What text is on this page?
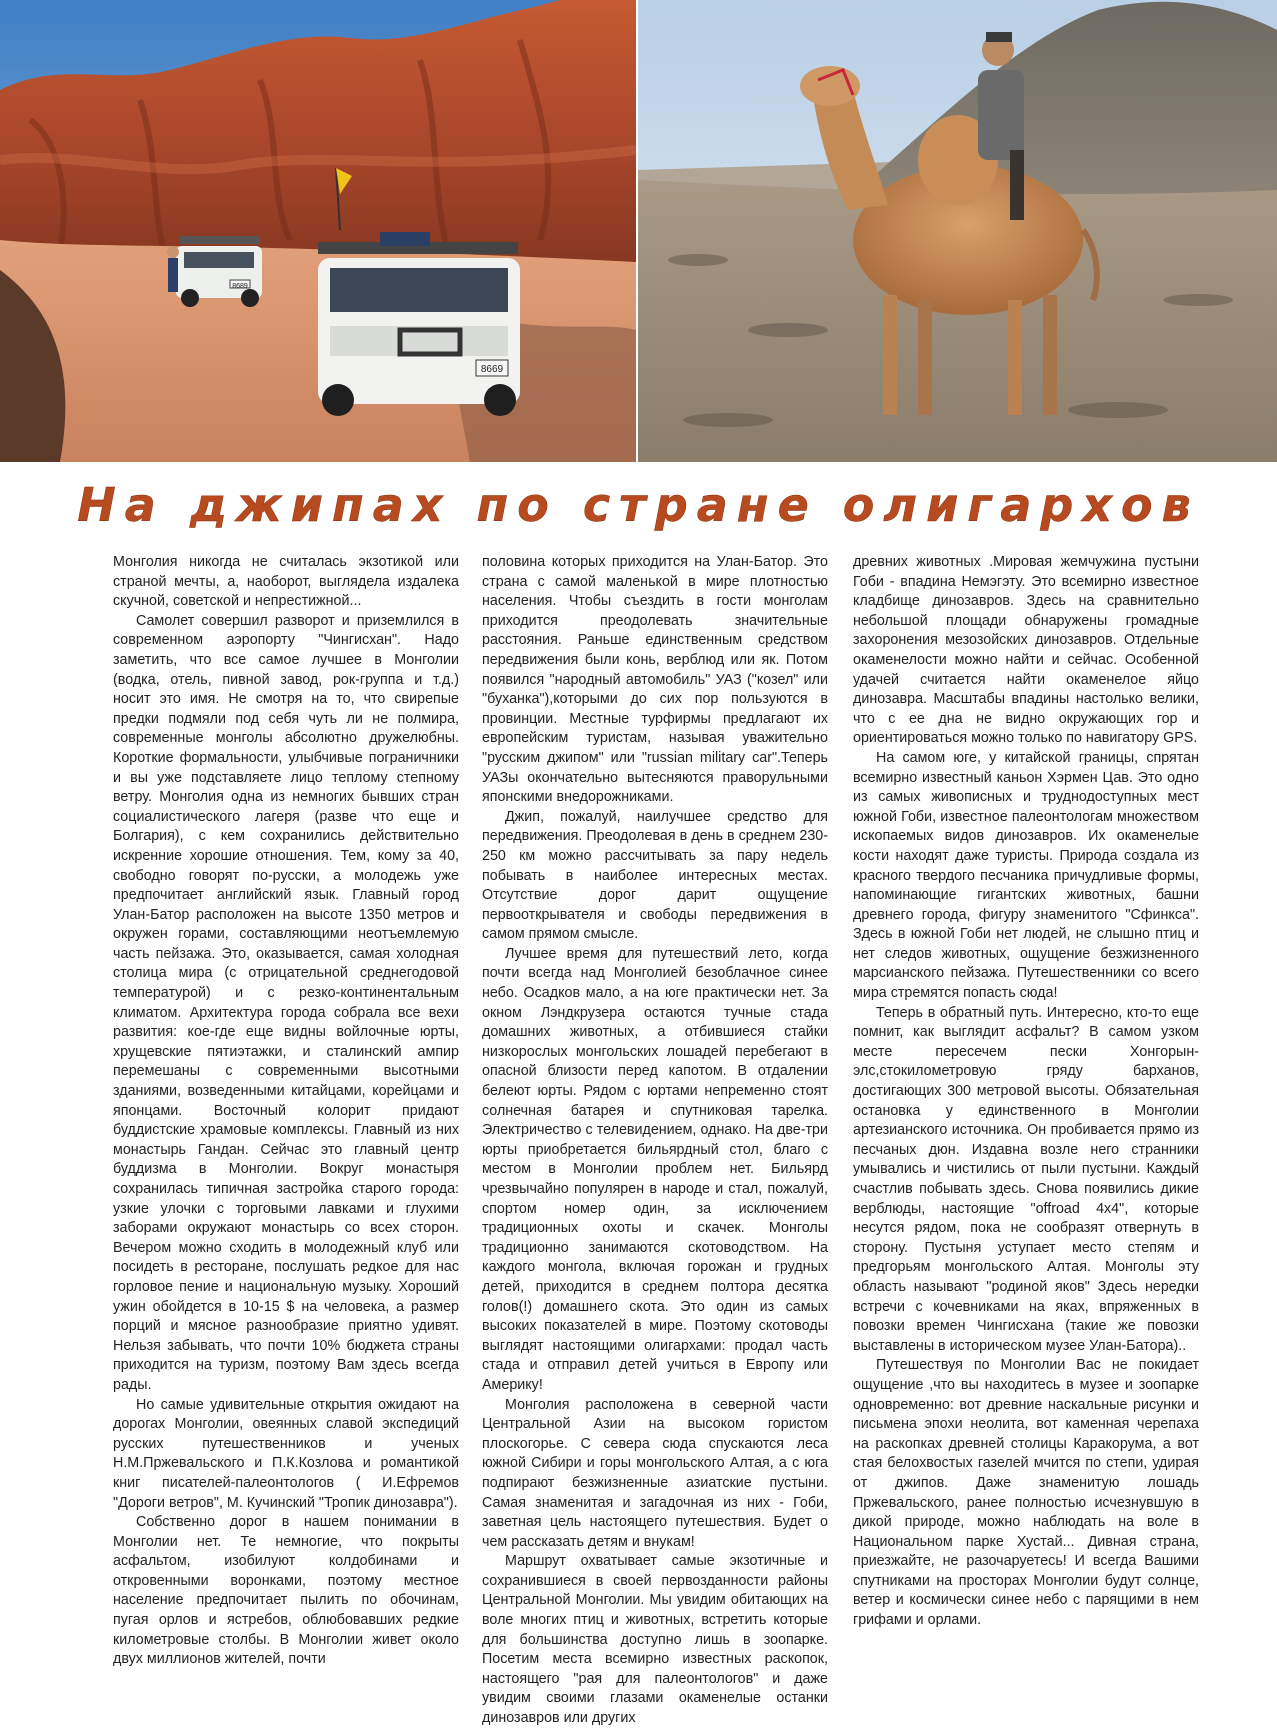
8669
8689
На джипах по стране олигархов

Монголия никогда не считалась экзотикой или страной мечты, а, наоборот, выглядела издалека скучной, советской и непрестижной...

Самолет совершил разворот и приземлился в современном аэропорту "Чингисхан". Надо заметить, что все самое лучшее в Монголии (водка, отель, пивной завод, рок-группа и т.д.) носит это имя. Не смотря на то, что свирепые предки подмяли под себя чуть ли не полмира, современные монголы абсолютно дружелюбны. Короткие формальности, улыбчивые пограничники и вы уже подставляете лицо теплому степному ветру. Монголия одна из немногих бывших стран социалистического лагеря (разве что еще и Болгария), с кем сохранились действительно искренние хорошие отношения. Тем, кому за 40, свободно говорят по-русски, а молодежь уже предпочитает английский язык. Главный город Улан-Батор расположен на высоте 1350 метров и окружен горами, составляющими неотъемлемую часть пейзажа. Это, оказывается, самая холодная столица мира (с отрицательной среднегодовой температурой) и с резко-континентальным климатом. Архитектура города собрала все вехи развития: кое-где еще видны войлочные юрты, хрущевские пятиэтажки, и сталинский ампир перемешаны с современными высотными зданиями, возведенными китайцами, корейцами и японцами. Восточный колорит придают буддистские храмовые комплексы. Главный из них монастырь Гандан. Сейчас это главный центр буддизма в Монголии. Вокруг монастыря сохранилась типичная застройка старого города: узкие улочки с торговыми лавками и глухими заборами окружают монастырь со всех сторон. Вечером можно сходить в молодежный клуб или посидеть в ресторане, послушать редкое для нас горловое пение и национальную музыку. Хороший ужин обойдется в 10-15 $ на человека, а размер порций и мясное разнообразие приятно удивят. Нельзя забывать, что почти 10% бюджета страны приходится на туризм, поэтому Вам здесь всегда рады.

Но самые удивительные открытия ожидают на дорогах Монголии, овеянных славой экспедиций русских путешественников и ученых Н.М.Пржевальского и П.К.Козлова и романтикой книг писателей-палеонтологов ( И.Ефремов "Дороги ветров", М. Кучинский "Тропик динозавра").

Собственно дорог в нашем понимании в Монголии нет. Те немногие, что покрыты асфальтом, изобилуют колдобинами и откровенными воронками, поэтому местное население предпочитает пылить по обочинам, пугая орлов и ястребов, облюбовавших редкие километровые столбы. В Монголии живет около двух миллионов жителей, почти

половина которых приходится на Улан-Батор. Это страна с самой маленькой в мире плотностью населения. Чтобы съездить в гости монголам приходится преодолевать значительные расстояния. Раньше единственным средством передвижения были конь, верблюд или як. Потом появился "народный автомобиль" УАЗ ("козел" или "буханка"),которыми до сих пор пользуются в провинции. Местные турфирмы предлагают их европейским туристам, называя уважительно "русским джипом" или "russian military car".Теперь УАЗы окончательно вытесняются праворульными японскими внедорожниками.

Джип, пожалуй, наилучшее средство для передвижения. Преодолевая в день в среднем 230-250 км можно рассчитывать за пару недель побывать в наиболее интересных местах. Отсутствие дорог дарит ощущение первооткрывателя и свободы передвижения в самом прямом смысле.

Лучшее время для путешествий лето, когда почти всегда над Монголией безоблачное синее небо. Осадков мало, а на юге практически нет. За окном Лэндкрузера остаются тучные стада домашних животных, а отбившиеся стайки низкорослых монгольских лошадей перебегают в опасной близости перед капотом. В отдалении белеют юрты. Рядом с юртами непременно стоят солнечная батарея и спутниковая тарелка. Электричество с телевидением, однако. На две-три юрты приобретается бильярдный стол, благо с местом в Монголии проблем нет. Бильярд чрезвычайно популярен в народе и стал, пожалуй, спортом номер один, за исключением традиционных охоты и скачек. Монголы традиционно занимаются скотоводством. На каждого монгола, включая горожан и грудных детей, приходится в среднем полтора десятка голов(!) домашнего скота. Это один из самых высоких показателей в мире. Поэтому скотоводы выглядят настоящими олигархами: продал часть стада и отправил детей учиться в Европу или Америку!

Монголия расположена в северной части Центральной Азии на высоком гористом плоскогорье. С севера сюда спускаются леса южной Сибири и горы монгольского Алтая, а с юга подпирают безжизненные азиатские пустыни. Самая знаменитая и загадочная из них - Гоби, заветная цель настоящего путешествия. Будет о чем рассказать детям и внукам!

Маршрут охватывает самые экзотичные и сохранившиеся в своей первозданности районы Центральной Монголии. Мы увидим обитающих на воле многих птиц и животных, встретить которые для большинства доступно лишь в зоопарке. Посетим места всемирно известных раскопок, настоящего "рая для палеонтологов" и даже увидим своими глазами окаменелые останки динозавров или других

древних животных .Мировая жемчужина пустыни Гоби - впадина Немэгэту. Это всемирно известное кладбище динозавров. Здесь на сравнительно небольшой площади обнаружены громадные захоронения мезозойских динозавров. Отдельные окаменелости можно найти и сейчас. Особенной удачей считается найти окаменелое яйцо динозавра. Масштабы впадины настолько велики, что с ее дна не видно окружающих гор и ориентироваться можно только по навигатору GPS.

На самом юге, у китайской границы, спрятан всемирно известный каньон Хэрмен Цав. Это одно из самых живописных и труднодоступных мест южной Гоби, известное палеонтологам множеством ископаемых видов динозавров. Их окаменелые кости находят даже туристы. Природа создала из красного твердого песчаника причудливые формы, напоминающие гигантских животных, башни древнего города, фигуру знаменитого "Сфинкса". Здесь в южной Гоби нет людей, не слышно птиц и нет следов животных, ощущение безжизненного марсианского пейзажа. Путешественники со всего мира стремятся попасть сюда!

Теперь в обратный путь. Интересно, кто-то еще помнит, как выглядит асфальт? В самом узком месте пересечем пески Хонгорын-элс,стокилометровую гряду барханов, достигающих 300 метровой высоты. Обязательная остановка у единственного в Монголии артезианского источника. Он пробивается прямо из песчаных дюн. Издавна возле него странники умывались и чистились от пыли пустыни. Каждый счастлив побывать здесь. Снова появились дикие верблюды, настоящие "offroad 4x4", которые несутся рядом, пока не сообразят отвернуть в сторону. Пустыня уступает место степям и предгорьям монгольского Алтая. Монголы эту область называют "родиной яков" Здесь нередки встречи с кочевниками на яках, впряженных в повозки времен Чингисхана (такие же повозки выставлены в историческом музее Улан-Батора)..

Путешествуя по Монголии Вас не покидает ощущение ,что вы находитесь в музее и зоопарке одновременно: вот древние наскальные рисунки и письмена эпохи неолита, вот каменная черепаха на раскопках древней столицы Каракорума, а вот стая белохвостых газелей мчится по степи, удирая от джипов. Даже знаменитую лошадь Пржевальского, ранее полностью исчезнувшую в дикой природе, можно наблюдать на воле в Национальном парке Хустай... Дивная страна, приезжайте, не разочаруетесь! И всегда Вашими спутниками на просторах Монголии будут солнце, ветер и космически синее небо с парящими в нем грифами и орлами.
